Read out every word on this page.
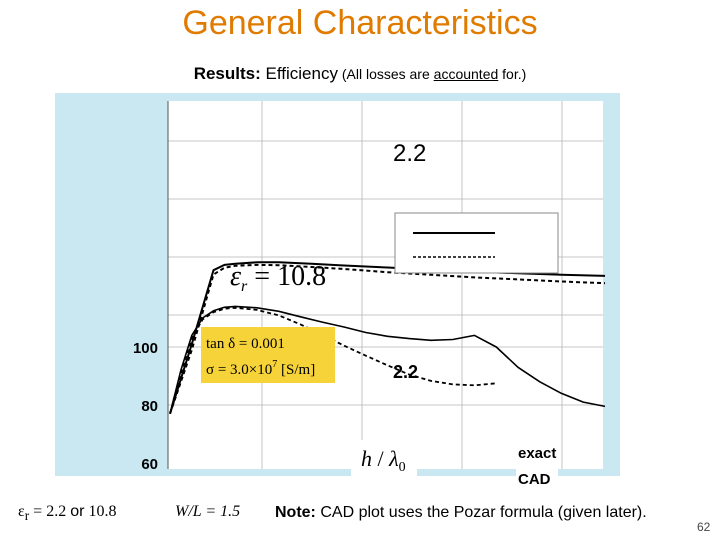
General Characteristics
Results: Efficiency (All losses are accounted for.)
100
80
60
2.2
$\varepsilon_r = 10.8$
tan δ = 0.001
$\sigma = 3.0\times 10^7$ [S/m]	2.2
h / $\lambda_0$
exact
CAD
$\varepsilon_r = 2.2$ or 10.8	W/L = 1.5 Note: CAD plot uses the Pozar formula (given later).
62
